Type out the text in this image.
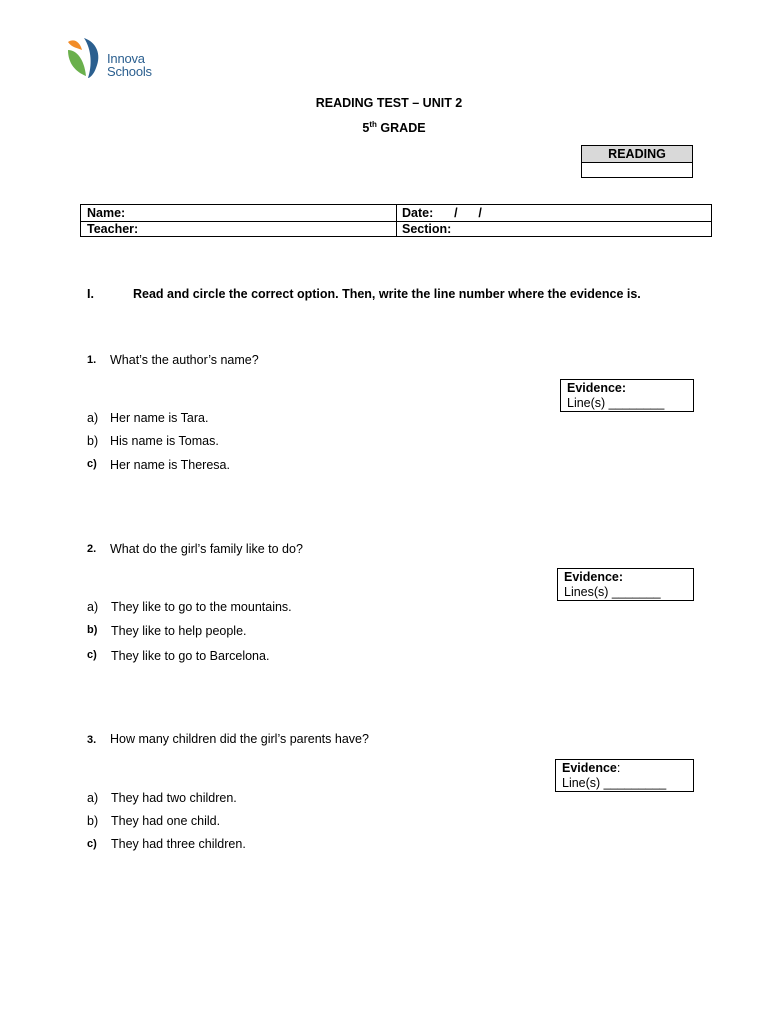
Innova
Schools
READING TEST – UNIT 2
5th GRADE
READING
Name:	Date:      /      /
Teacher:	Section:
I.	Read and circle the correct option. Then, write the line number where the evidence is.
1. What’s the author’s name?
Evidence:
Line(s) ________
a) Her name is Tara.
b) His name is Tomas.
c) Her name is Theresa.
2. What do the girl’s family like to do?
Evidence:
Lines(s) _______
a) They like to go to the mountains.
b) They like to help people.
c) They like to go to Barcelona.
3. How many children did the girl’s parents have?
Evidence:
Line(s) _________
a) They had two children.
b) They had one child.
c) They had three children.
